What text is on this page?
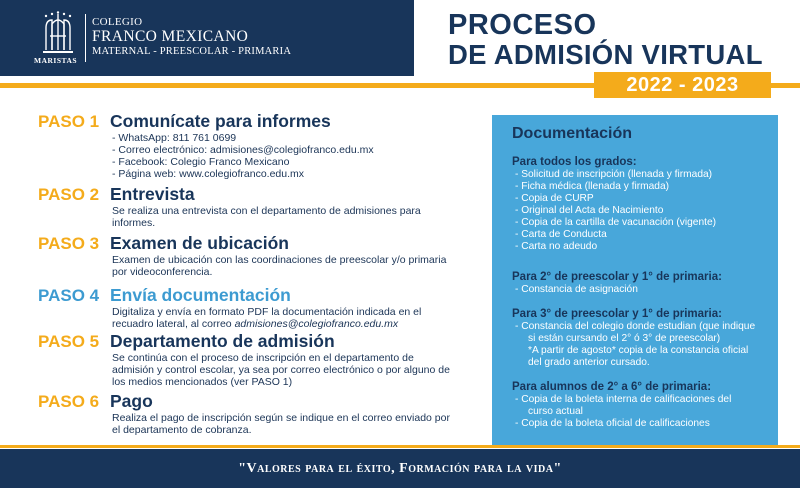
MARISTAS
COLEGIO
FRANCO MEXICANO
MATERNAL - PREESCOLAR - PRIMARIA
PROCESO
DE ADMISIÓN VIRTUAL
2022 - 2023
PASO 1 Comunícate para informes
- WhatsApp: 811 761 0699
- Correo electrónico: admisiones@colegiofranco.edu.mx
- Facebook: Colegio Franco Mexicano
- Página web: www.colegiofranco.edu.mx
PASO 2 Entrevista

Se realiza una entrevista con el departamento de admisiones para informes.

PASO 3 Examen de ubicación

Examen de ubicación con las coordinaciones de preescolar y/o primaria por videoconferencia.

PASO 4 Envía documentación

Digitaliza y envía en formato PDF la documentación indicada en el recuadro lateral, al correo admisiones@colegiofranco.edu.mx

PASO 5 Departamento de admisión

Se continúa con el proceso de inscripción en el departamento de admisión y control escolar, ya sea por correo electrónico o por alguno de los medios mencionados (ver PASO 1)

PASO 6 Pago

Realiza el pago de inscripción según se indique en el correo enviado por el departamento de cobranza.

Documentación
Para todos los grados:
- Solicitud de inscripción (llenada y firmada)
- Ficha médica (llenada y firmada)
- Copia de CURP
- Original del Acta de Nacimiento
- Copia de la cartilla de vacunación (vigente)
- Carta de Conducta
- Carta no adeudo
Para 2° de preescolar y 1° de primaria:
- Constancia de asignación
Para 3° de preescolar y 1° de primaria:
- Constancia del colegio donde estudian (que indique si están cursando el 2° ó 3° de preescolar)
*A partir de agosto* copia de la constancia oficial del grado anterior cursado.
Para alumnos de 2° a 6° de primaria:
- Copia de la boleta interna de calificaciones del curso actual
- Copia de la boleta oficial de calificaciones
"Valores para el éxito, Formación para la vida"
